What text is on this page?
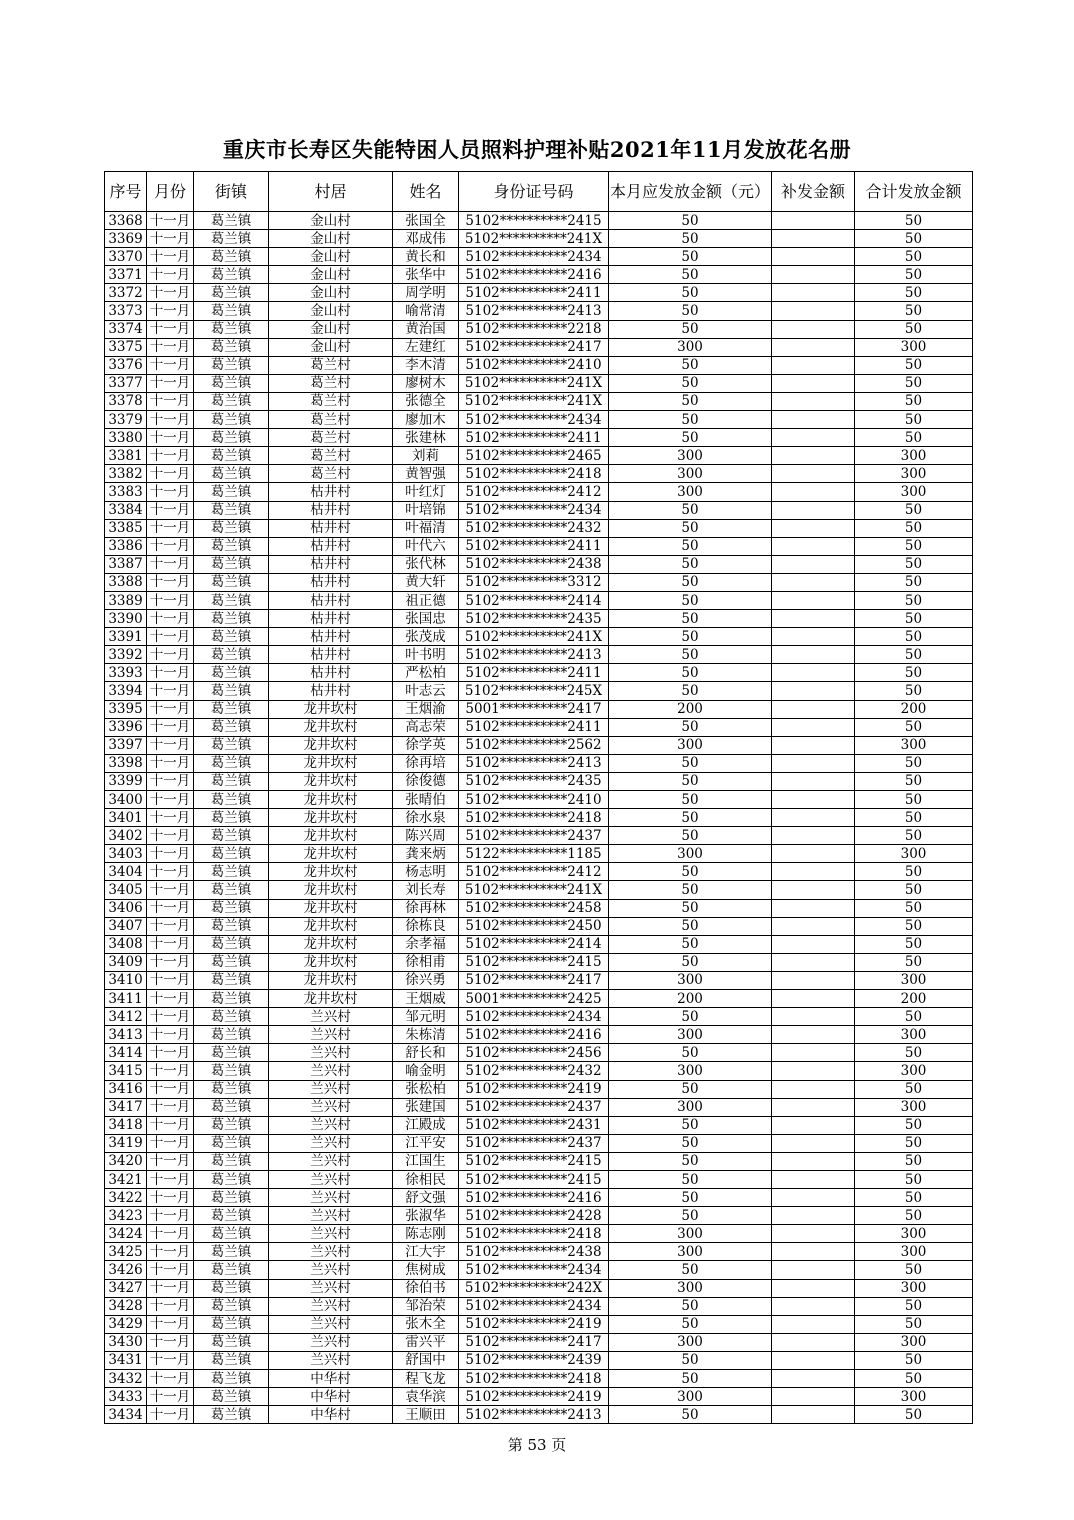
重庆市长寿区失能特困人员照料护理补贴2021年11月发放花名册
序号	月份	街镇	村居	姓名	身份证号码	本月应发放金额（元）	补发金额	合计发放金额
3368	十一月	葛兰镇	金山村	张国全	5102**********2415	50		50
3369	十一月	葛兰镇	金山村	邓成伟	5102**********241X	50		50
3370	十一月	葛兰镇	金山村	黄长和	5102**********2434	50		50
3371	十一月	葛兰镇	金山村	张华中	5102**********2416	50		50
3372	十一月	葛兰镇	金山村	周学明	5102**********2411	50		50
3373	十一月	葛兰镇	金山村	喻常清	5102**********2413	50		50
3374	十一月	葛兰镇	金山村	黄治国	5102**********2218	50		50
3375	十一月	葛兰镇	金山村	左建红	5102**********2417	300		300
3376	十一月	葛兰镇	葛兰村	李木清	5102**********2410	50		50
3377	十一月	葛兰镇	葛兰村	廖树木	5102**********241X	50		50
3378	十一月	葛兰镇	葛兰村	张德全	5102**********241X	50		50
3379	十一月	葛兰镇	葛兰村	廖加木	5102**********2434	50		50
3380	十一月	葛兰镇	葛兰村	张建林	5102**********2411	50		50
3381	十一月	葛兰镇	葛兰村	刘莉	5102**********2465	300		300
3382	十一月	葛兰镇	葛兰村	黄智强	5102**********2418	300		300
3383	十一月	葛兰镇	枯井村	叶红灯	5102**********2412	300		300
3384	十一月	葛兰镇	枯井村	叶培锦	5102**********2434	50		50
3385	十一月	葛兰镇	枯井村	叶福清	5102**********2432	50		50
3386	十一月	葛兰镇	枯井村	叶代六	5102**********2411	50		50
3387	十一月	葛兰镇	枯井村	张代林	5102**********2438	50		50
3388	十一月	葛兰镇	枯井村	黄大轩	5102**********3312	50		50
3389	十一月	葛兰镇	枯井村	祖正德	5102**********2414	50		50
3390	十一月	葛兰镇	枯井村	张国忠	5102**********2435	50		50
3391	十一月	葛兰镇	枯井村	张茂成	5102**********241X	50		50
3392	十一月	葛兰镇	枯井村	叶书明	5102**********2413	50		50
3393	十一月	葛兰镇	枯井村	严松柏	5102**********2411	50		50
3394	十一月	葛兰镇	枯井村	叶志云	5102**********245X	50		50
3395	十一月	葛兰镇	龙井坎村	王烟渝	5001**********2417	200		200
3396	十一月	葛兰镇	龙井坎村	高志荣	5102**********2411	50		50
3397	十一月	葛兰镇	龙井坎村	徐学英	5102**********2562	300		300
3398	十一月	葛兰镇	龙井坎村	徐再培	5102**********2413	50		50
3399	十一月	葛兰镇	龙井坎村	徐俊德	5102**********2435	50		50
3400	十一月	葛兰镇	龙井坎村	张晴伯	5102**********2410	50		50
3401	十一月	葛兰镇	龙井坎村	徐水泉	5102**********2418	50		50
3402	十一月	葛兰镇	龙井坎村	陈兴周	5102**********2437	50		50
3403	十一月	葛兰镇	龙井坎村	龚来炳	5122**********1185	300		300
3404	十一月	葛兰镇	龙井坎村	杨志明	5102**********2412	50		50
3405	十一月	葛兰镇	龙井坎村	刘长寿	5102**********241X	50		50
3406	十一月	葛兰镇	龙井坎村	徐再林	5102**********2458	50		50
3407	十一月	葛兰镇	龙井坎村	徐栋良	5102**********2450	50		50
3408	十一月	葛兰镇	龙井坎村	余孝福	5102**********2414	50		50
3409	十一月	葛兰镇	龙井坎村	徐相甫	5102**********2415	50		50
3410	十一月	葛兰镇	龙井坎村	徐兴勇	5102**********2417	300		300
3411	十一月	葛兰镇	龙井坎村	王烟威	5001**********2425	200		200
3412	十一月	葛兰镇	兰兴村	邹元明	5102**********2434	50		50
3413	十一月	葛兰镇	兰兴村	朱栋清	5102**********2416	300		300
3414	十一月	葛兰镇	兰兴村	舒长和	5102**********2456	50		50
3415	十一月	葛兰镇	兰兴村	喻金明	5102**********2432	300		300
3416	十一月	葛兰镇	兰兴村	张松柏	5102**********2419	50		50
3417	十一月	葛兰镇	兰兴村	张建国	5102**********2437	300		300
3418	十一月	葛兰镇	兰兴村	江殿成	5102**********2431	50		50
3419	十一月	葛兰镇	兰兴村	江平安	5102**********2437	50		50
3420	十一月	葛兰镇	兰兴村	江国生	5102**********2415	50		50
3421	十一月	葛兰镇	兰兴村	徐相民	5102**********2415	50		50
3422	十一月	葛兰镇	兰兴村	舒文强	5102**********2416	50		50
3423	十一月	葛兰镇	兰兴村	张淑华	5102**********2428	50		50
3424	十一月	葛兰镇	兰兴村	陈志刚	5102**********2418	300		300
3425	十一月	葛兰镇	兰兴村	江大宇	5102**********2438	300		300
3426	十一月	葛兰镇	兰兴村	焦树成	5102**********2434	50		50
3427	十一月	葛兰镇	兰兴村	徐伯书	5102**********242X	300		300
3428	十一月	葛兰镇	兰兴村	邹治荣	5102**********2434	50		50
3429	十一月	葛兰镇	兰兴村	张木全	5102**********2419	50		50
3430	十一月	葛兰镇	兰兴村	雷兴平	5102**********2417	300		300
3431	十一月	葛兰镇	兰兴村	舒国中	5102**********2439	50		50
3432	十一月	葛兰镇	中华村	程飞龙	5102**********2418	50		50
3433	十一月	葛兰镇	中华村	袁华滨	5102**********2419	300		300
3434	十一月	葛兰镇	中华村	王顺田	5102**********2413	50		50
第 53 页
